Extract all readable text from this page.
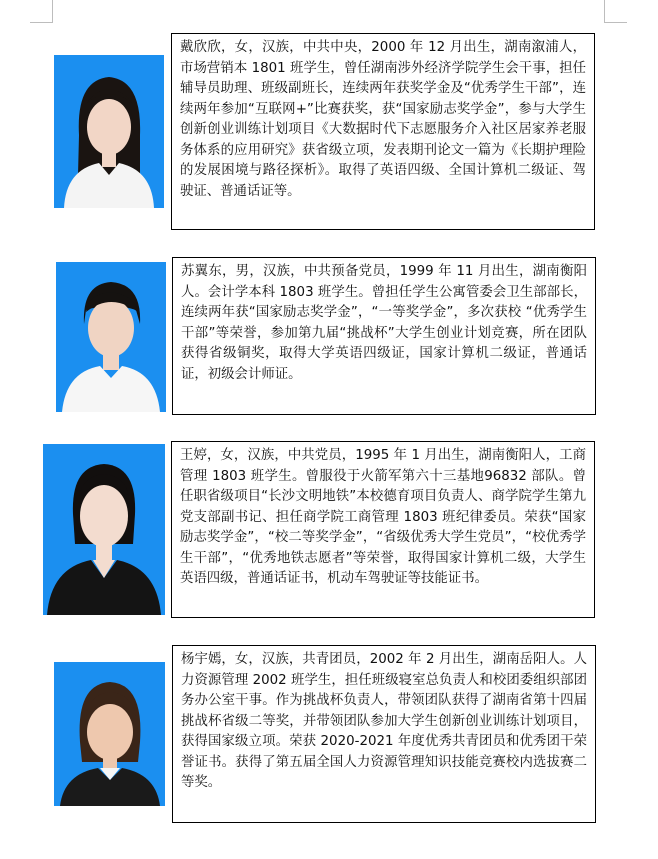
戴欣欣，女，汉族，中共中央，2000 年 12 月出生，湖南溆浦人，市场营销本 1801 班学生，曾任湖南涉外经济学院学生会干事，担任辅导员助理、班级副班长，连续两年获奖学金及“优秀学生干部”，连续两年参加“互联网+”比赛获奖，获“国家励志奖学金”，参与大学生创新创业训练计划项目《大数据时代下志愿服务介入社区居家养老服务体系的应用研究》获省级立项，发表期刊论文一篇为《长期护理险的发展困境与路径探析》。取得了英语四级、全国计算机二级证、驾驶证、普通话证等。

苏翼东，男，汉族，中共预备党员，1999 年 11 月出生，湖南衡阳人。会计学本科 1803 班学生。曾担任学生公寓管委会卫生部部长，连续两年获“国家励志奖学金”，“一等奖学金”，多次获校 “优秀学生干部”等荣誉，参加第九届“挑战杯”大学生创业计划竞赛，所在团队获得省级铜奖，取得大学英语四级证，国家计算机二级证，普通话证，初级会计师证。

王婷，女，汉族，中共党员，1995 年 1 月出生，湖南衡阳人，工商管理 1803 班学生。曾服役于火箭军第六十三基地96832 部队。曾任职省级项目“长沙文明地铁”本校德育项目负责人、商学院学生第九党支部副书记、担任商学院工商管理 1803 班纪律委员。荣获“国家励志奖学金”，“校二等奖学金”，“省级优秀大学生党员”，“校优秀学生干部”，“优秀地铁志愿者”等荣誉，取得国家计算机二级，大学生英语四级，普通话证书，机动车驾驶证等技能证书。

杨宇嫣，女，汉族，共青团员，2002 年 2 月出生，湖南岳阳人。人力资源管理 2002 班学生，担任班级寝室总负责人和校团委组织部团务办公室干事。作为挑战杯负责人，带领团队获得了湖南省第十四届挑战杯省级二等奖，并带领团队参加大学生创新创业训练计划项目，获得国家级立项。荣获 2020-2021 年度优秀共青团员和优秀团干荣誉证书。获得了第五届全国人力资源管理知识技能竞赛校内选拔赛二等奖。
